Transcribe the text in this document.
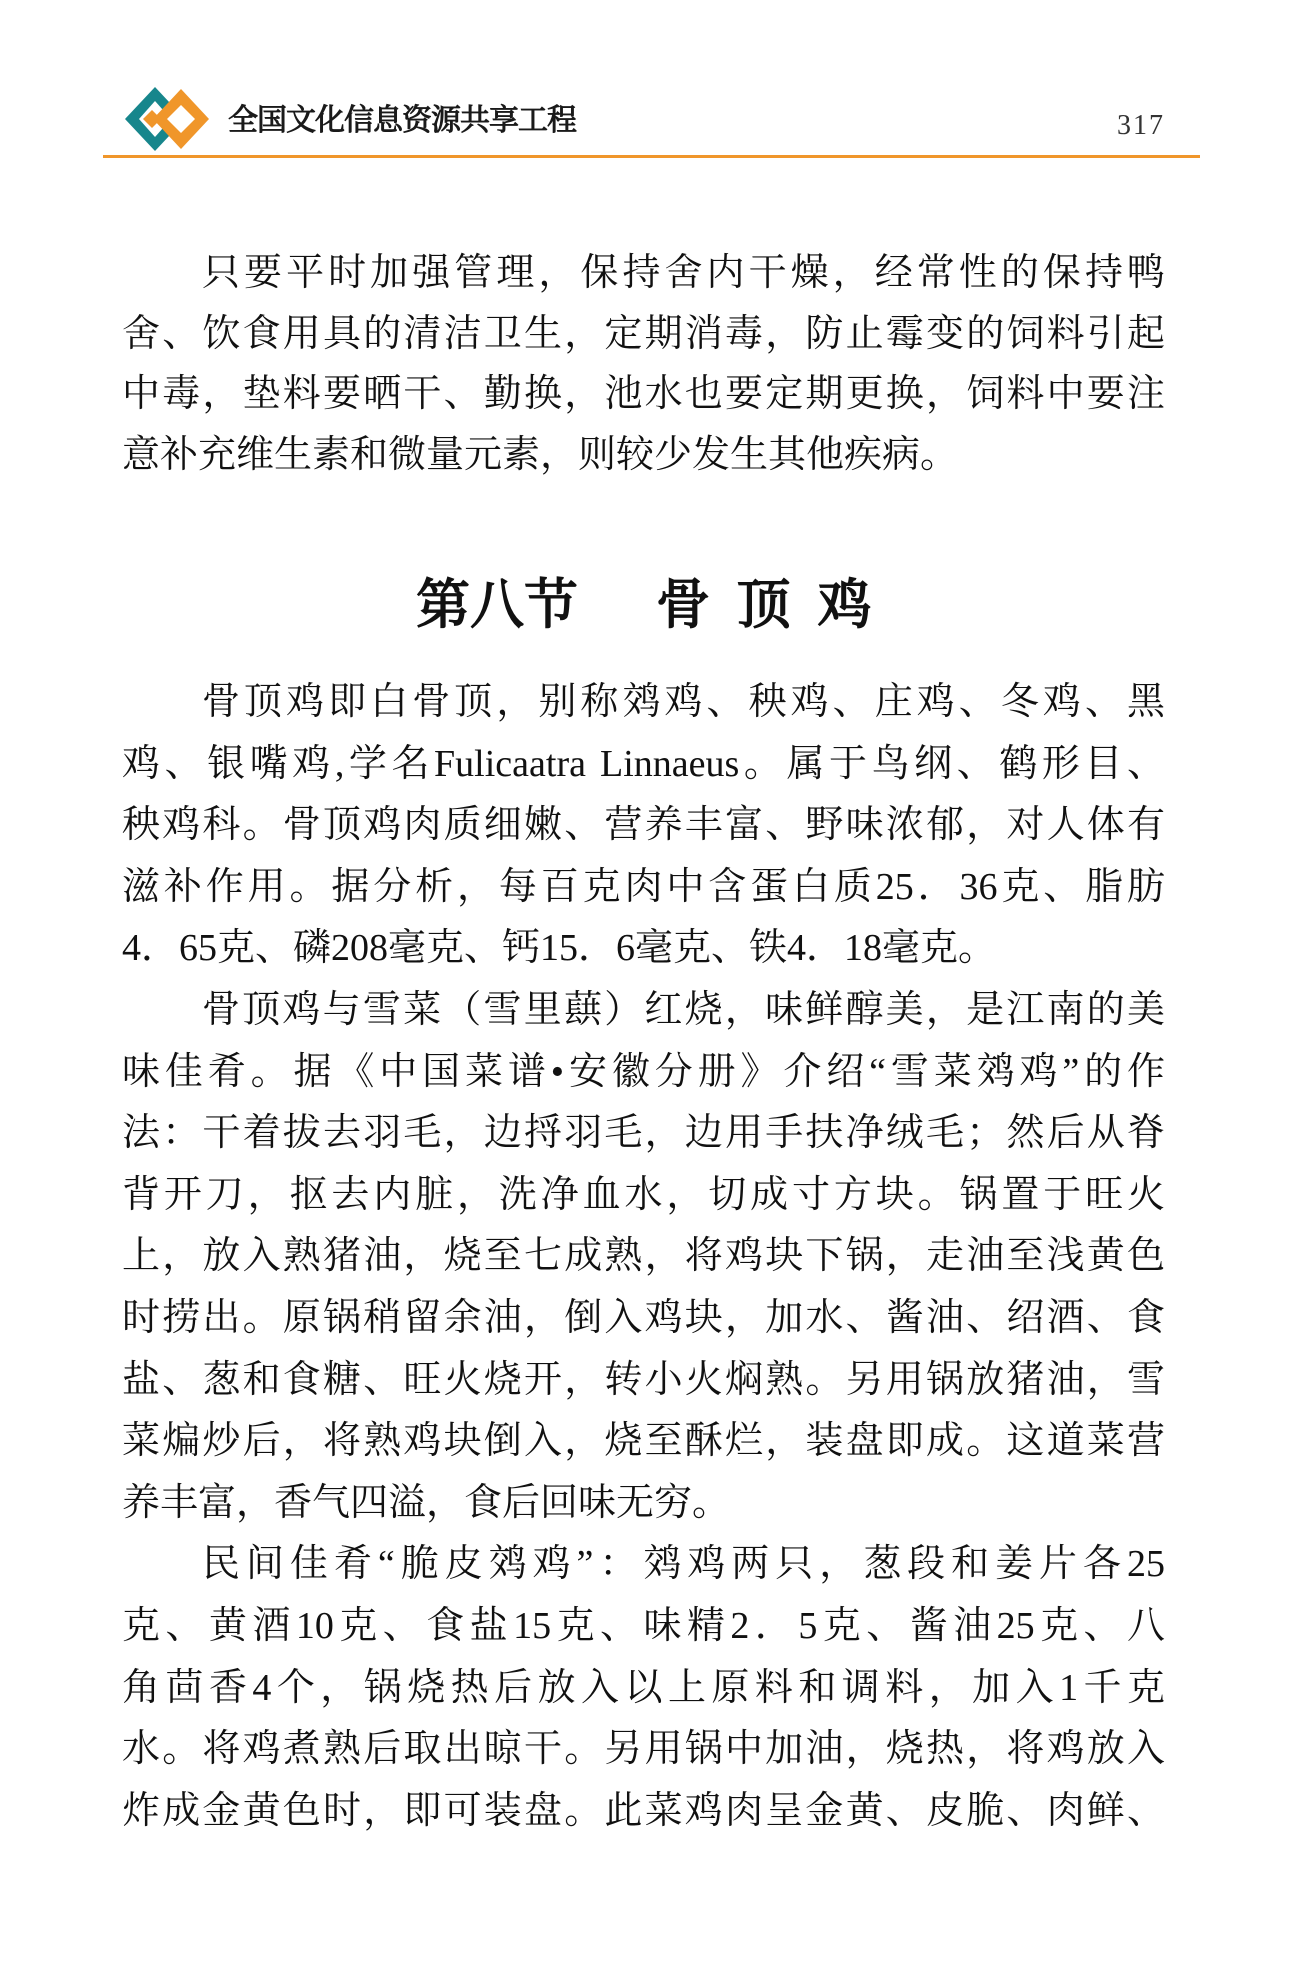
全国文化信息资源共享工程	317
只要平时加强管理，保持舍内干燥，经常性的保持鸭
舍、饮食用具的清洁卫生，定期消毒，防止霉变的饲料引起
中毒，垫料要晒干、勤换，池水也要定期更换，饲料中要注
意补充维生素和微量元素，则较少发生其他疾病。
第八节 骨 顶 鸡
骨顶鸡即白骨顶，别称䴔鸡、秧鸡、庄鸡、冬鸡、黑
鸡、银嘴鸡,学名Fulicaatra Linnaeus。属于鸟纲、鹤形目、
秧鸡科。骨顶鸡肉质细嫩、营养丰富、野味浓郁，对人体有
滋补作用。据分析，每百克肉中含蛋白质25．36克、脂肪
4．65克、磷208毫克、钙15．6毫克、铁4．18毫克。
骨顶鸡与雪菜（雪里蕻）红烧，味鲜醇美，是江南的美
味佳肴。据《中国菜谱•安徽分册》介绍“雪菜䴔鸡”的作
法：干着拔去羽毛，边捋羽毛，边用手扶净绒毛；然后从脊
背开刀，抠去内脏，洗净血水，切成寸方块。锅置于旺火
上，放入熟猪油，烧至七成熟，将鸡块下锅，走油至浅黄色
时捞出。原锅稍留余油，倒入鸡块，加水、酱油、绍酒、食
盐、葱和食糖、旺火烧开，转小火焖熟。另用锅放猪油，雪
菜煸炒后，将熟鸡块倒入，烧至酥烂，装盘即成。这道菜营
养丰富，香气四溢，食后回味无穷。
民间佳肴“脆皮䴔鸡”：䴔鸡两只，葱段和姜片各25
克、黄酒10克、食盐15克、味精2．5克、酱油25克、八
角茴香4个，锅烧热后放入以上原料和调料，加入1千克
水。将鸡煮熟后取出晾干。另用锅中加油，烧热，将鸡放入
炸成金黄色时，即可装盘。此菜鸡肉呈金黄、皮脆、肉鲜、
